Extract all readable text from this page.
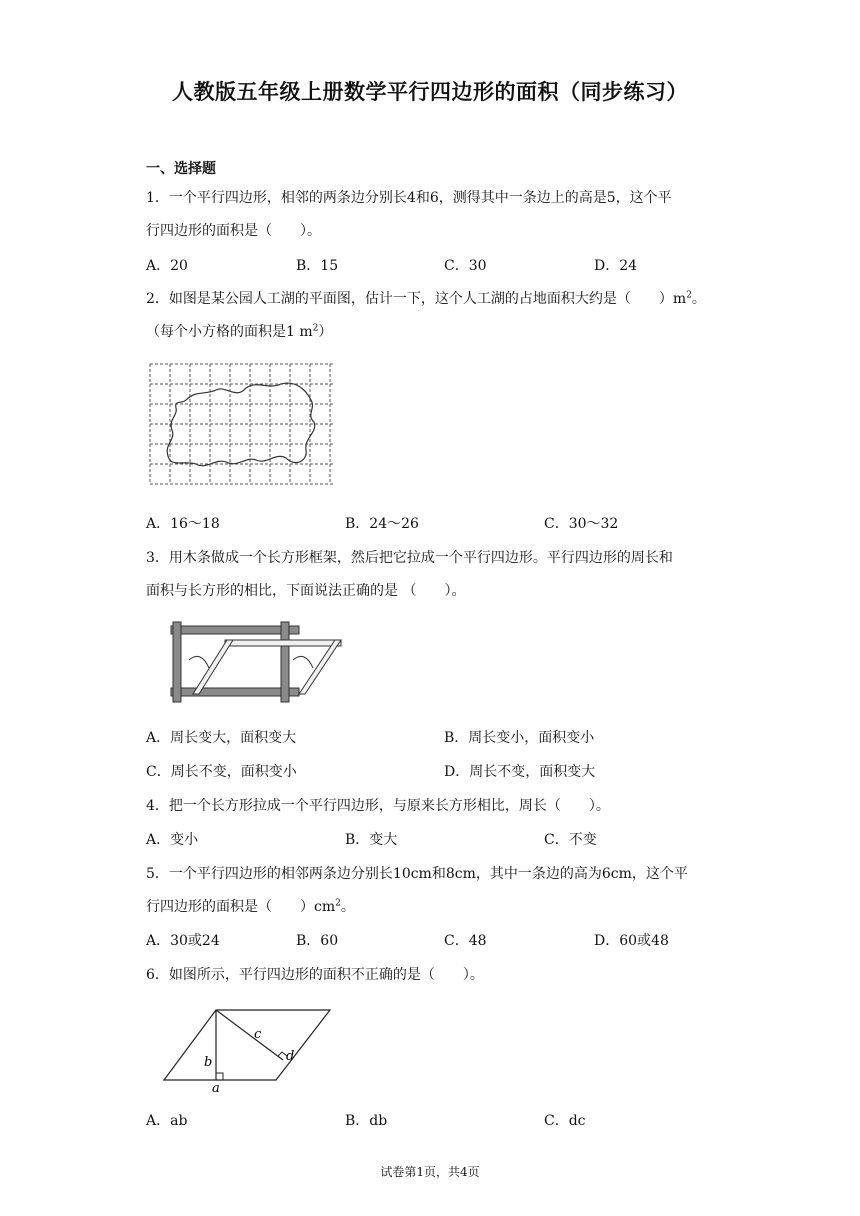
人教版五年级上册数学平行四边形的面积（同步练习）
一、选择题
1．一个平行四边形，相邻的两条边分别长4和6，测得其中一条边上的高是5，这个平
行四边形的面积是（　　）。
A．20	B．15	C．30	D．24
2．如图是某公园人工湖的平面图，估计一下，这个人工湖的占地面积大约是（　　）$m^2$。
（每个小方格的面积是1 $m^2$）
A．16～18	B．24～26	C．30～32
3．用木条做成一个长方形框架，然后把它拉成一个平行四边形。平行四边形的周长和
面积与长方形的相比，下面说法正确的是 （　　）。
A．周长变大，面积变大	B．周长变小，面积变小
C．周长不变，面积变小	D．周长不变，面积变大
4．把一个长方形拉成一个平行四边形，与原来长方形相比，周长（　　）。
A．变小	B．变大	C．不变
5．一个平行四边形的相邻两条边分别长10cm和8cm，其中一条边的高为6cm，这个平
行四边形的面积是（　　）$cm^2$。
A．30或24	B．60	C．48	D．60或48
6．如图所示，平行四边形的面积不正确的是（　　）。
b
a
c
d
A．ab	B．db	C．dc
试卷第1页，共4页
